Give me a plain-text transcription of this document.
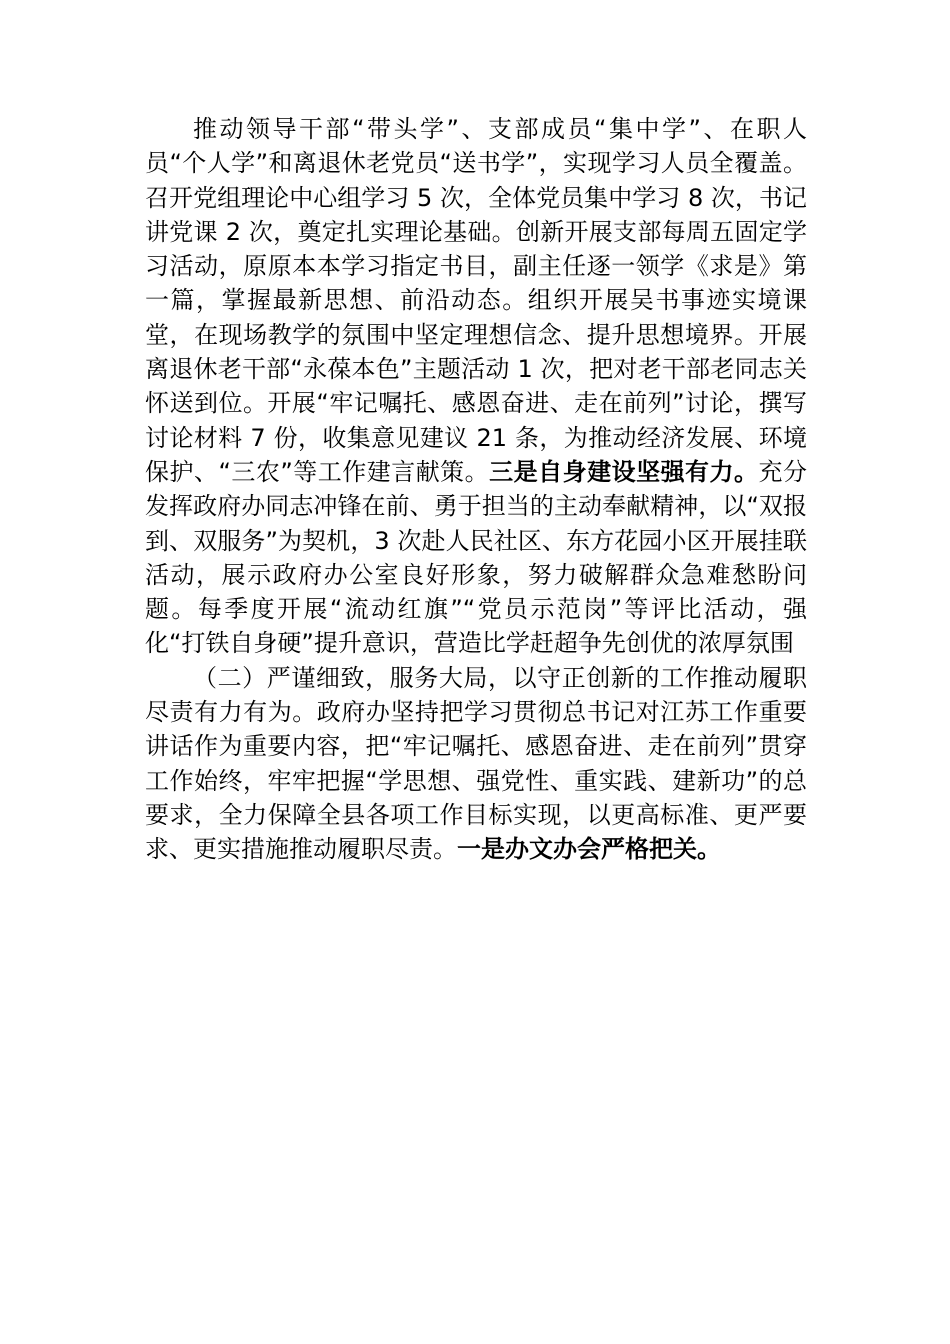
推动领导干部“带头学”、支部成员“集中学”、在职人员“个人学”和离退休老党员“送书学”，实现学习人员全覆盖。召开党组理论中心组学习 5 次，全体党员集中学习 8 次，书记讲党课 2 次，奠定扎实理论基础。创新开展支部每周五固定学习活动，原原本本学习指定书目，副主任逐一领学《求是》第一篇，掌握最新思想、前沿动态。组织开展吴书事迹实境课堂，在现场教学的氛围中坚定理想信念、提升思想境界。开展离退休老干部“永葆本色”主题活动 1 次，把对老干部老同志关怀送到位。开展“牢记嘱托、感恩奋进、走在前列”讨论，撰写讨论材料 7 份，收集意见建议 21 条，为推动经济发展、环境保护、“三农”等工作建言献策。三是自身建设坚强有力。充分发挥政府办同志冲锋在前、勇于担当的主动奉献精神，以“双报到、双服务”为契机，3 次赴人民社区、东方花园小区开展挂联活动，展示政府办公室良好形象，努力破解群众急难愁盼问题。每季度开展“流动红旗”“党员示范岗”等评比活动，强化“打铁自身硬”提升意识，营造比学赶超争先创优的浓厚氛围

（二）严谨细致，服务大局，以守正创新的工作推动履职尽责有力有为。政府办坚持把学习贯彻总书记对江苏工作重要讲话作为重要内容，把“牢记嘱托、感恩奋进、走在前列”贯穿工作始终，牢牢把握“学思想、强党性、重实践、建新功”的总要求，全力保障全县各项工作目标实现，以更高标准、更严要求、更实措施推动履职尽责。一是办文办会严格把关。
